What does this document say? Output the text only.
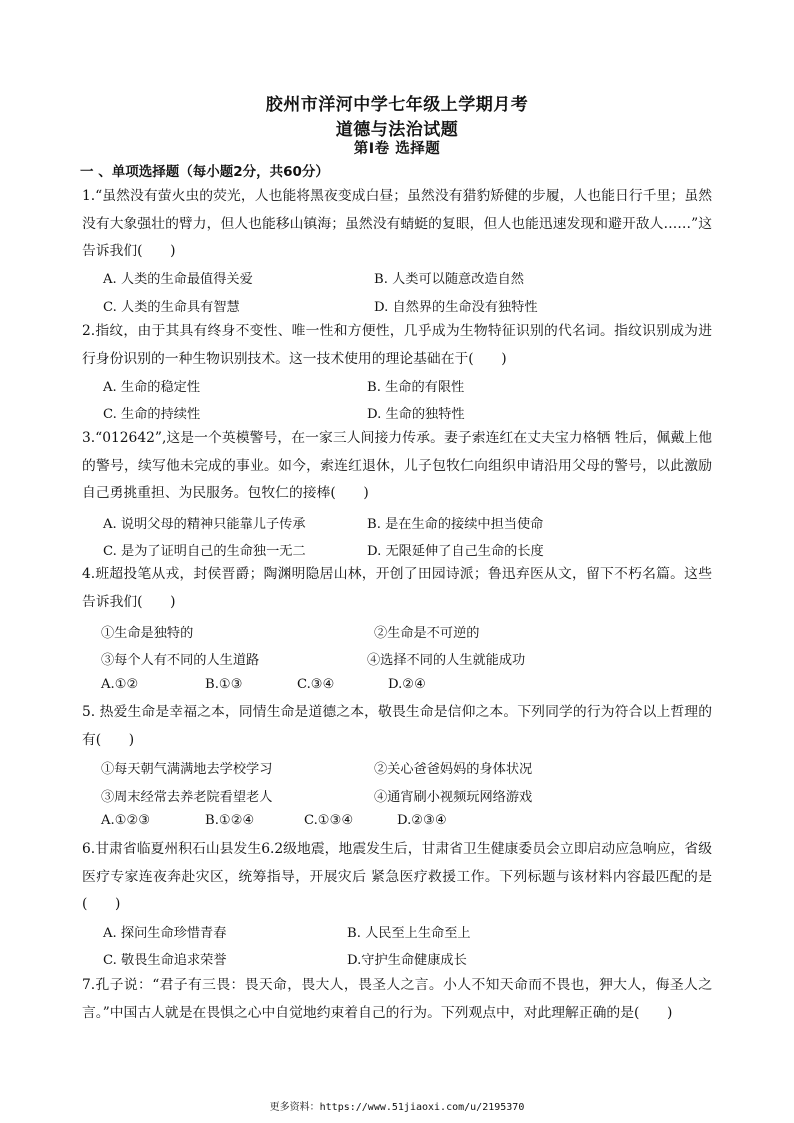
胶州市洋河中学七年级上学期月考
道德与法治试题
第Ⅰ卷 选择题
一 、单项选择题（每小题2分，共60分）
1.“虽然没有萤火虫的荧光，人也能将黑夜变成白昼；虽然没有猎豹矫健的步履，人也能日行千里；虽然没有大象强壮的臂力，但人也能移山镇海；虽然没有蜻蜓的复眼，但人也能迅速发现和避开敌人……”这告诉我们(　　)
A. 人类的生命最值得关爱	B. 人类可以随意改造自然
C. 人类的生命具有智慧	D. 自然界的生命没有独特性
2.指纹，由于其具有终身不变性、唯一性和方便性，几乎成为生物特征识别的代名词。指纹识别成为进行身份识别的一种生物识别技术。这一技术使用的理论基础在于(　　)
A. 生命的稳定性	B. 生命的有限性
C. 生命的持续性	D. 生命的独特性
3.“012642”,这是一个英模警号，在一家三人间接力传承。妻子索连红在丈夫宝力格牺 牲后，佩戴上他的警号，续写他未完成的事业。如今，索连红退休，儿子包牧仁向组织申请沿用父母的警号，以此激励自己勇挑重担、为民服务。包牧仁的接棒(　　)
A. 说明父母的精神只能靠儿子传承	B. 是在生命的接续中担当使命
C. 是为了证明自己的生命独一无二	D. 无限延伸了自己生命的长度
4.班超投笔从戎，封侯晋爵；陶渊明隐居山林，开创了田园诗派；鲁迅弃医从文，留下不朽名篇。这些告诉我们(　　)
①生命是独特的	②生命是不可逆的
③每个人有不同的人生道路	④选择不同的人生就能成功
A.①②	B.①③	C.③④	D.②④
5. 热爱生命是幸福之本，同情生命是道德之本，敬畏生命是信仰之本。下列同学的行为符合以上哲理的有(　　)
①每天朝气满满地去学校学习	②关心爸爸妈妈的身体状况
③周末经常去养老院看望老人	④通宵刷小视频玩网络游戏
A.①②③	B.①②④	C.①③④	D.②③④
6.甘肃省临夏州积石山县发生6.2级地震，地震发生后，甘肃省卫生健康委员会立即启动应急响应，省级医疗专家连夜奔赴灾区，统筹指导，开展灾后 紧急医疗救援工作。下列标题与该材料内容最匹配的是(　　)
A. 探问生命珍惜青春	B. 人民至上生命至上
C. 敬畏生命追求荣誉	D.守护生命健康成长
7.孔子说：“君子有三畏：畏天命，畏大人，畏圣人之言。小人不知天命而不畏也，狎大人，侮圣人之言。”中国古人就是在畏惧之心中自觉地约束着自己的行为。下列观点中，对此理解正确的是(　　)
更多资料：https://www.51jiaoxi.com/u/2195370
